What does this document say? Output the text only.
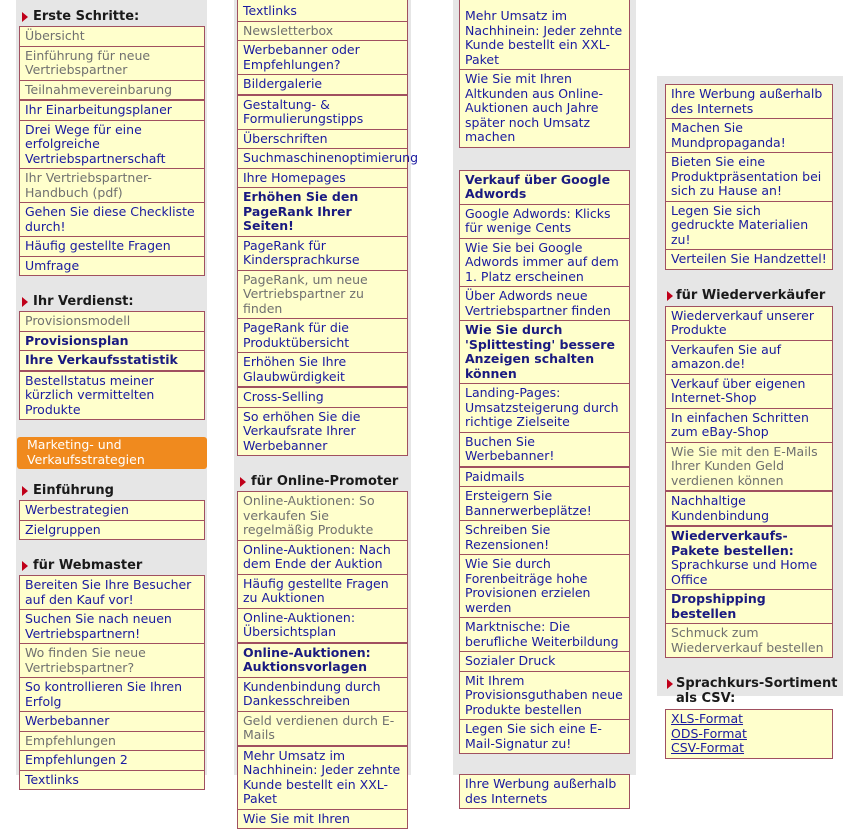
Erste Schritte:
Übersicht
Einführung für neue Vertriebspartner
Teilnahmevereinbarung
Ihr Einarbeitungsplaner
Drei Wege für eine erfolgreiche Vertriebspartnerschaft
Ihr Vertriebspartner-Handbuch (pdf)
Gehen Sie diese Checkliste durch!
Häufig gestellte Fragen
Umfrage
Ihr Verdienst:
Provisionsmodell
Provisionsplan
Ihre Verkaufsstatistik
Bestellstatus meiner kürzlich vermittelten Produkte
Marketing- und Verkaufsstrategien
Einführung
Werbestrategien
Zielgruppen
für Webmaster
Bereiten Sie Ihre Besucher auf den Kauf vor!
Suchen Sie nach neuen Vertriebspartnern!
Wo finden Sie neue Vertriebspartner?
So kontrollieren Sie Ihren Erfolg
Werbebanner
Empfehlungen
Empfehlungen 2
Textlinks
Textlinks
Newsletterbox
Werbebanner oder Empfehlungen?
Bildergalerie
Gestaltung- & Formulierungstipps
Überschriften
Suchmaschinenoptimierung
Ihre Homepages
Erhöhen Sie den PageRank Ihrer Seiten!
PageRank für Kindersprachkurse
PageRank, um neue Vertriebspartner zu finden
PageRank für die Produktübersicht
Erhöhen Sie Ihre Glaubwürdigkeit
Cross-Selling
So erhöhen Sie die Verkaufsrate Ihrer Werbebanner
für Online-Promoter
Online-Auktionen: So verkaufen Sie regelmäßig Produkte
Online-Auktionen: Nach dem Ende der Auktion
Häufig gestellte Fragen zu Auktionen
Online-Auktionen: Übersichtsplan
Online-Auktionen: Auktionsvorlagen
Kundenbindung durch Dankesschreiben
Geld verdienen durch E-Mails
Mehr Umsatz im Nachhinein: Jeder zehnte Kunde bestellt ein XXL-Paket
Wie Sie mit Ihren
Mehr Umsatz im Nachhinein: Jeder zehnte Kunde bestellt ein XXL-Paket
Wie Sie mit Ihren Altkunden aus Online-Auktionen auch Jahre später noch Umsatz machen
Verkauf über Google Adwords
Google Adwords: Klicks für wenige Cents
Wie Sie bei Google Adwords immer auf dem 1. Platz erscheinen
Über Adwords neue Vertriebspartner finden
Wie Sie durch 'Splittesting' bessere Anzeigen schalten können
Landing-Pages: Umsatzsteigerung durch richtige Zielseite
Buchen Sie Werbebanner!
Paidmails
Ersteigern Sie Bannerwerbeplätze!
Schreiben Sie Rezensionen!
Wie Sie durch Forenbeiträge hohe Provisionen erzielen werden
Marktnische: Die berufliche Weiterbildung
Sozialer Druck
Mit Ihrem Provisionsguthaben neue Produkte bestellen
Legen Sie sich eine E-Mail-Signatur zu!
Ihre Werbung außerhalb des Internets
Ihre Werbung außerhalb des Internets
Machen Sie Mundpropaganda!
Bieten Sie eine Produktpräsentation bei sich zu Hause an!
Legen Sie sich gedruckte Materialien zu!
Verteilen Sie Handzettel!
für Wiederverkäufer
Wiederverkauf unserer Produkte
Verkaufen Sie auf amazon.de!
Verkauf über eigenen Internet-Shop
In einfachen Schritten zum eBay-Shop
Wie Sie mit den E-Mails Ihrer Kunden Geld verdienen können
Nachhaltige Kundenbindung
Wiederverkaufs-Pakete bestellen: Sprachkurse und Home Office
Dropshipping bestellen
Schmuck zum Wiederverkauf bestellen
Sprachkurs-Sortiment als CSV:
XLS-Format
ODS-Format
CSV-Format
